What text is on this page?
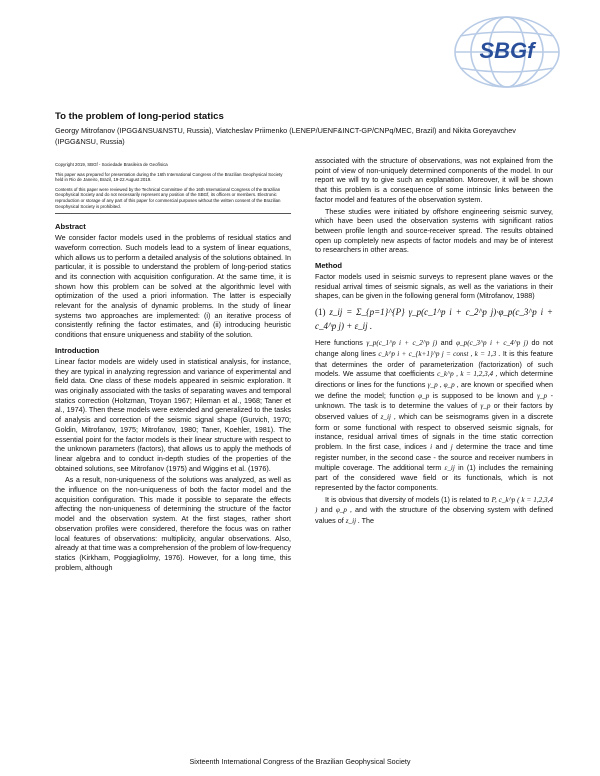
SBGf
To the problem of long-period statics
Georgy Mitrofanov (IPGG&NSU&NSTU, Russia), Viatcheslav Priimenko (LENEP/UENF&INCT-GP/CNPq/MEC, Brazil) and Nikita Goreyavchev (IPGG&NSU, Russia)

Copyright 2019, SBGf - Sociedade Brasileira de Geofísica

This paper was prepared for presentation during the 16th International Congress of the Brazilian Geophysical Society held in Rio de Janeiro, Brazil, 19-22 August 2019.

Contents of this paper were reviewed by the Technical Committee of the 16th International Congress of the Brazilian Geophysical Society and do not necessarily represent any position of the SBGf, its officers or members. Electronic reproduction or storage of any part of this paper for commercial purposes without the written consent of the Brazilian Geophysical Society is prohibited.

Abstract

We consider factor models used in the problems of residual statics and waveform correction. Such models lead to a system of linear equations, which allows us to perform a detailed analysis of the solutions obtained. In particular, it is possible to understand the problem of long-period statics and its connection with acquisition configuration. At the same time, it is shown how this problem can be solved at the algorithmic level with optimization of the used a priori information. The latter is especially relevant for the analysis of dynamic problems. In the study of linear systems two approaches are implemented: (i) an iterative process of consistently refining the factor estimates, and (ii) introducing heuristic conditions that ensure uniqueness and stability of the solution.

Introduction

Linear factor models are widely used in statistical analysis, for instance, they are typical in analyzing regression and variance of experimental and field data. One class of these models appeared in seismic exploration. It was originally associated with the tasks of separating waves and temporal statics correction (Holtzman, Troyan 1967; Hileman et al., 1968; Taner et al., 1974). Then these models were extended and generalized to the tasks of analysis and correction of the seismic signal shape (Gurvich, 1970; Goldin, Mitrofanov, 1975; Mitrofanov, 1980; Taner, Koehler, 1981). The essential point for the factor models is their linear structure with respect to the unknown parameters (factors), that allows us to apply the methods of linear algebra and to conduct in-depth studies of the properties of the obtained solutions, see Mitrofanov (1975) and Wiggins et al. (1976).

As a result, non-uniqueness of the solutions was analyzed, as well as the influence on the non-uniqueness of both the factor model and the acquisition configuration. This made it possible to separate the effects affecting the non-uniqueness of determining the structure of the factor model and the observation system. At the first stages, rather short observation profiles were considered, therefore the focus was on rather local features of observations: multiplicity, angular observations. Also, already at that time was a comprehension of the problem of low-frequency statics (Kirkham, Poggiagliolmy, 1976). However, for a long time, this problem, although

associated with the structure of observations, was not explained from the point of view of non-uniquely determined components of the model. In our report we will try to give such an explanation. Moreover, it will be shown that this problem is a consequence of some intrinsic links between the factor model and features of the observation system.

These studies were initiated by offshore engineering seismic survey, which have been used the observation systems with significant ratios between profile length and source-receiver spread. The results obtained open up completely new aspects of factor models and may be of interest to researchers in other areas.

Method

Factor models used in seismic surveys to represent plane waves or the residual arrival times of seismic signals, as well as the variations in their shapes, can be given in the following general form (Mitrofanov, 1988)

(1) z_ij = Σ_{p=1}^{P} γ_p(c_1^p i + c_2^p j)·φ_p(c_3^p i + c_4^p j) + ε_ij .

Here functions γ_p(c_1^p i + c_2^p j) and φ_p(c_3^p i + c_4^p j) do not change along lines c_k^p i + c_{k+1}^p j = const , k = 1,3 . It is this feature that determines the order of parameterization (factorization) of such models. We assume that coefficients c_k^p , k = 1,2,3,4 , which determine directions or lines for the functions γ_p , φ_p , are known or specified when we define the model; function φ_p is supposed to be known and γ_p - unknown. The task is to determine the values of γ_p or their factors by observed values of z_ij , which can be seismograms given in a discrete form or some functional with respect to observed seismic signals, for instance, residual arrival times of signals in the time static correction problem. In the first case, indices i and j determine the trace and time register number, in the second case - the source and receiver numbers in multiple coverage. The additional term ε_ij in (1) includes the remaining part of the considered wave field or its functionals, which is not represented by the factor components.

It is obvious that diversity of models (1) is related to P, c_k^p ( k = 1,2,3,4 ) and φ_p , and with the structure of the observing system with defined values of z_ij . The

Sixteenth International Congress of the Brazilian Geophysical Society
